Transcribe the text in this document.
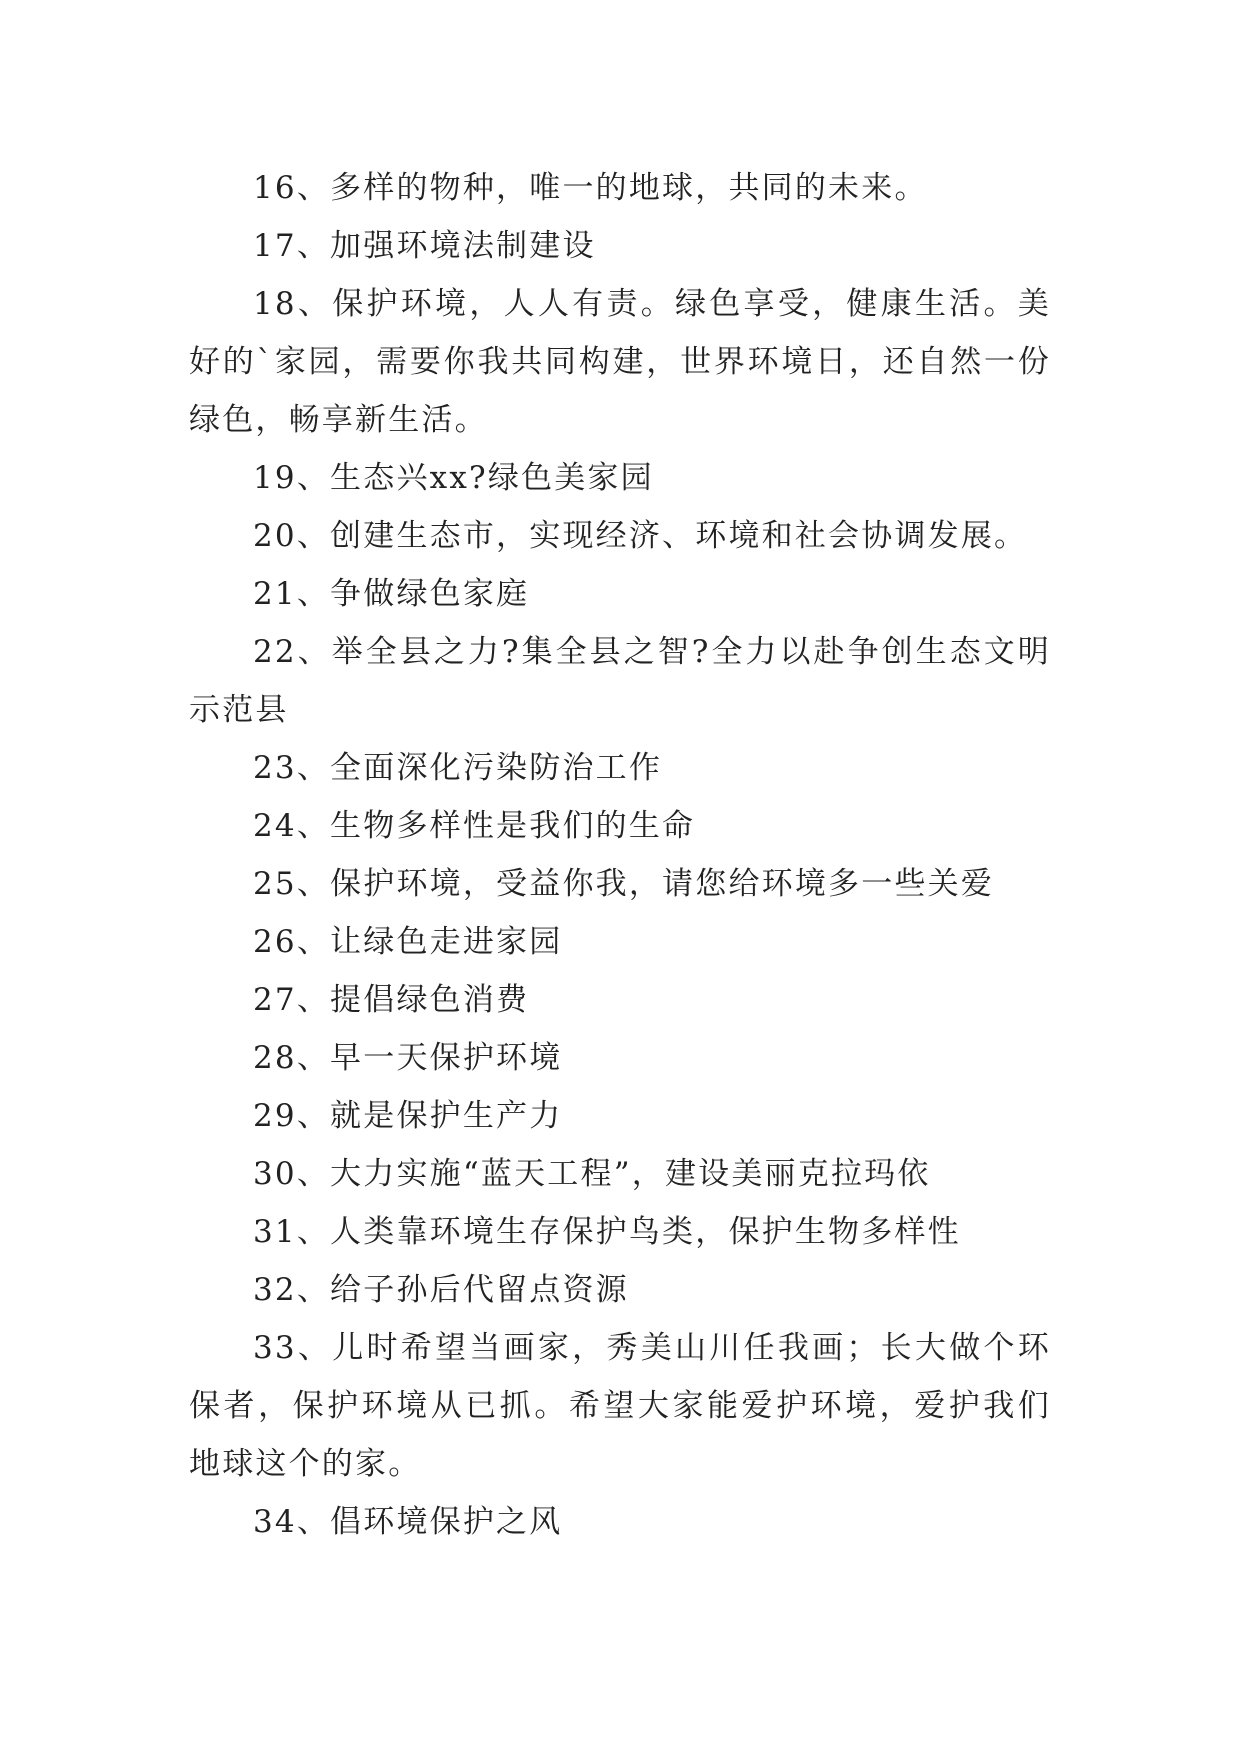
16、多样的物种，唯一的地球，共同的未来。

17、加强环境法制建设

18、保护环境，人人有责。绿色享受，健康生活。美好的`家园，需要你我共同构建，世界环境日，还自然一份绿色，畅享新生活。

19、生态兴xx?绿色美家园

20、创建生态市，实现经济、环境和社会协调发展。

21、争做绿色家庭

22、举全县之力?集全县之智?全力以赴争创生态文明示范县

23、全面深化污染防治工作

24、生物多样性是我们的生命

25、保护环境，受益你我，请您给环境多一些关爱

26、让绿色走进家园

27、提倡绿色消费

28、早一天保护环境

29、就是保护生产力

30、大力实施“蓝天工程”，建设美丽克拉玛依

31、人类靠环境生存保护鸟类，保护生物多样性

32、给子孙后代留点资源

33、儿时希望当画家，秀美山川任我画；长大做个环保者，保护环境从已抓。希望大家能爱护环境，爱护我们地球这个的家。

34、倡环境保护之风
